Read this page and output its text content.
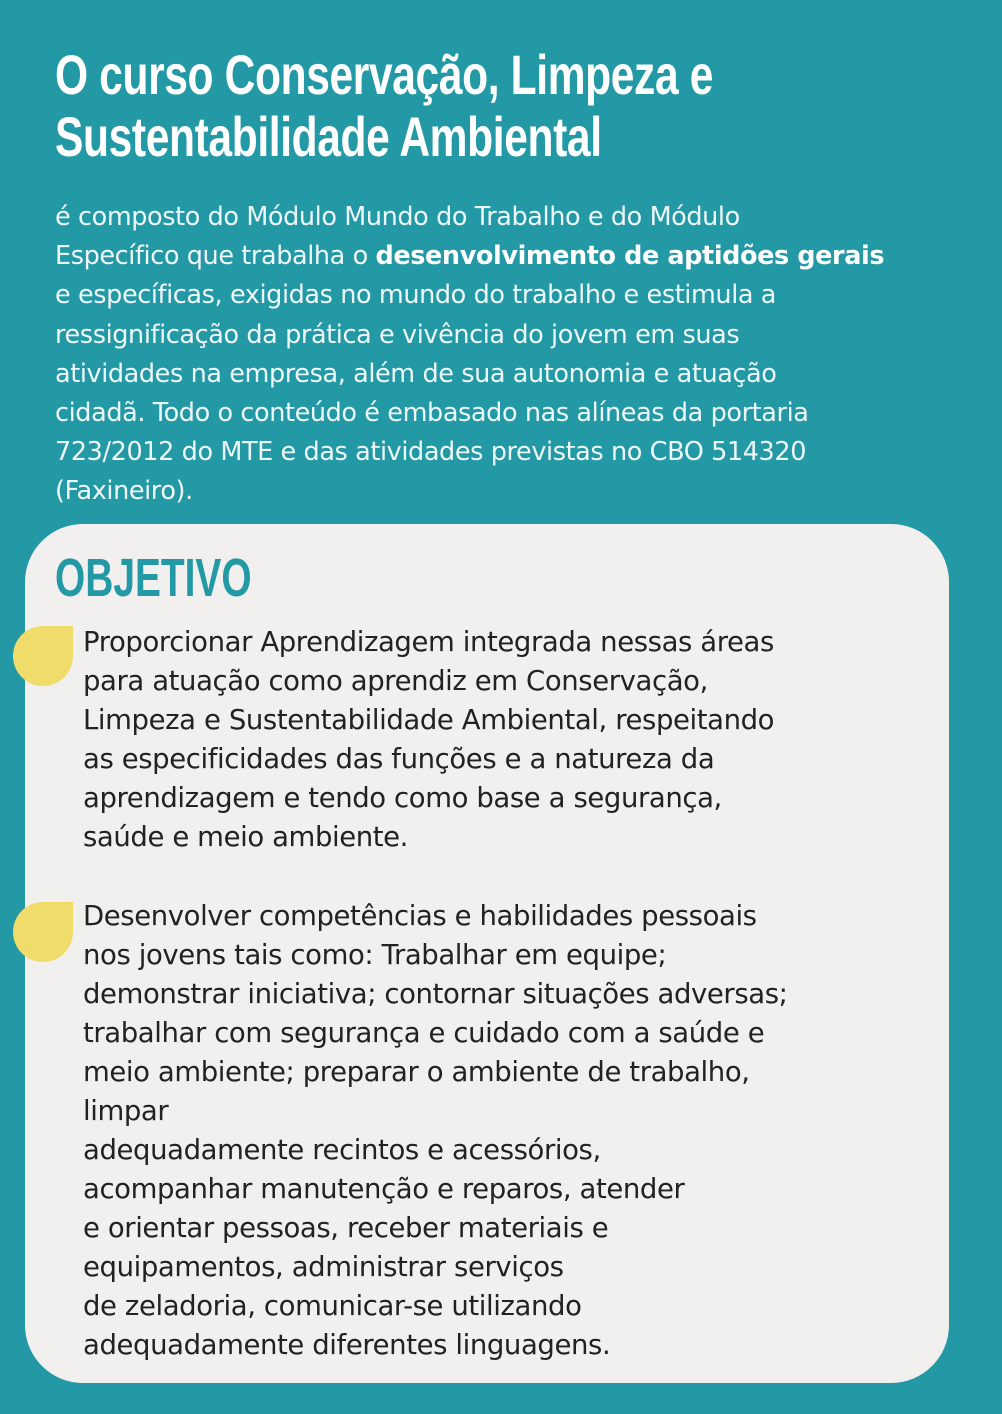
O curso Conservação, Limpeza e
Sustentabilidade Ambiental

é composto do Módulo Mundo do Trabalho e do Módulo
Específico que trabalha o desenvolvimento de aptidões gerais
e específicas, exigidas no mundo do trabalho e estimula a
ressignificação da prática e vivência do jovem em suas
atividades na empresa, além de sua autonomia e atuação
cidadã. Todo o conteúdo é embasado nas alíneas da portaria
723/2012 do MTE e das atividades previstas no CBO 514320
(Faxineiro).

OBJETIVO

Proporcionar Aprendizagem integrada nessas áreas
para atuação como aprendiz em Conservação,
Limpeza e Sustentabilidade Ambiental, respeitando
as especificidades das funções e a natureza da
aprendizagem e tendo como base a segurança,
saúde e meio ambiente.

Desenvolver competências e habilidades pessoais
nos jovens tais como: Trabalhar em equipe;
demonstrar iniciativa; contornar situações adversas;
trabalhar com segurança e cuidado com a saúde e
meio ambiente; preparar o ambiente de trabalho,
limpar
adequadamente recintos e acessórios,
acompanhar manutenção e reparos, atender
e orientar pessoas, receber materiais e
equipamentos, administrar serviços
de zeladoria, comunicar-se utilizando
adequadamente diferentes linguagens.
